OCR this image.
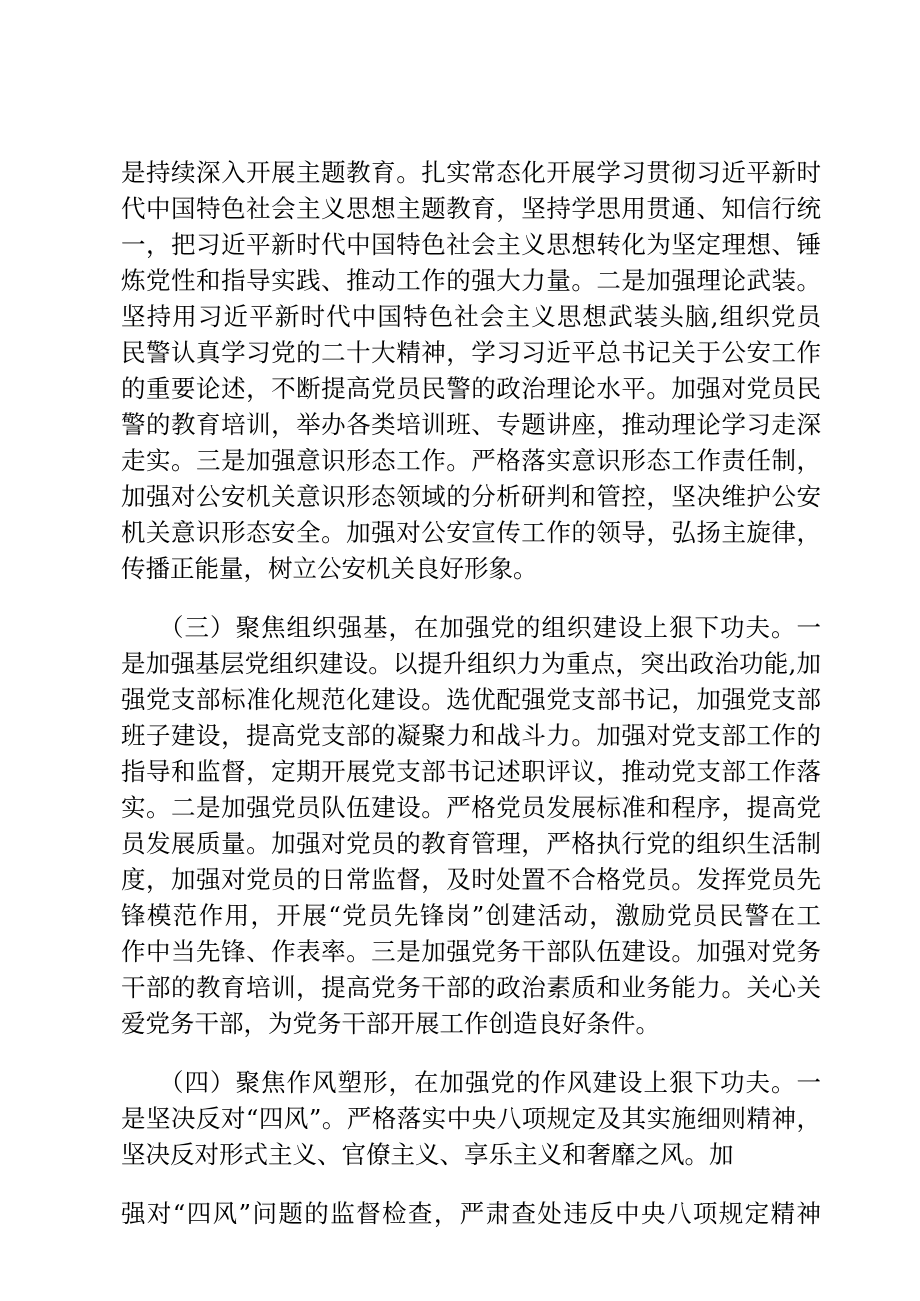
是持续深入开展主题教育。扎实常态化开展学习贯彻习近平新时
代中国特色社会主义思想主题教育，坚持学思用贯通、知信行统
一，把习近平新时代中国特色社会主义思想转化为坚定理想、锤
炼党性和指导实践、推动工作的强大力量。二是加强理论武装。
坚持用习近平新时代中国特色社会主义思想武装头脑,组织党员
民警认真学习党的二十大精神，学习习近平总书记关于公安工作
的重要论述，不断提高党员民警的政治理论水平。加强对党员民
警的教育培训，举办各类培训班、专题讲座，推动理论学习走深
走实。三是加强意识形态工作。严格落实意识形态工作责任制，
加强对公安机关意识形态领域的分析研判和管控，坚决维护公安
机关意识形态安全。加强对公安宣传工作的领导，弘扬主旋律，
传播正能量，树立公安机关良好形象。
（三）聚焦组织强基，在加强党的组织建设上狠下功夫。一
是加强基层党组织建设。以提升组织力为重点，突出政治功能,加
强党支部标准化规范化建设。选优配强党支部书记，加强党支部
班子建设，提高党支部的凝聚力和战斗力。加强对党支部工作的
指导和监督，定期开展党支部书记述职评议，推动党支部工作落
实。二是加强党员队伍建设。严格党员发展标准和程序，提高党
员发展质量。加强对党员的教育管理，严格执行党的组织生活制
度，加强对党员的日常监督，及时处置不合格党员。发挥党员先
锋模范作用，开展“党员先锋岗”创建活动，激励党员民警在工
作中当先锋、作表率。三是加强党务干部队伍建设。加强对党务
干部的教育培训，提高党务干部的政治素质和业务能力。关心关
爱党务干部，为党务干部开展工作创造良好条件。
（四）聚焦作风塑形，在加强党的作风建设上狠下功夫。一
是坚决反对“四风”。严格落实中央八项规定及其实施细则精神，
坚决反对形式主义、官僚主义、享乐主义和奢靡之风。加
强对“四风”问题的监督检查，严肃查处违反中央八项规定精神
